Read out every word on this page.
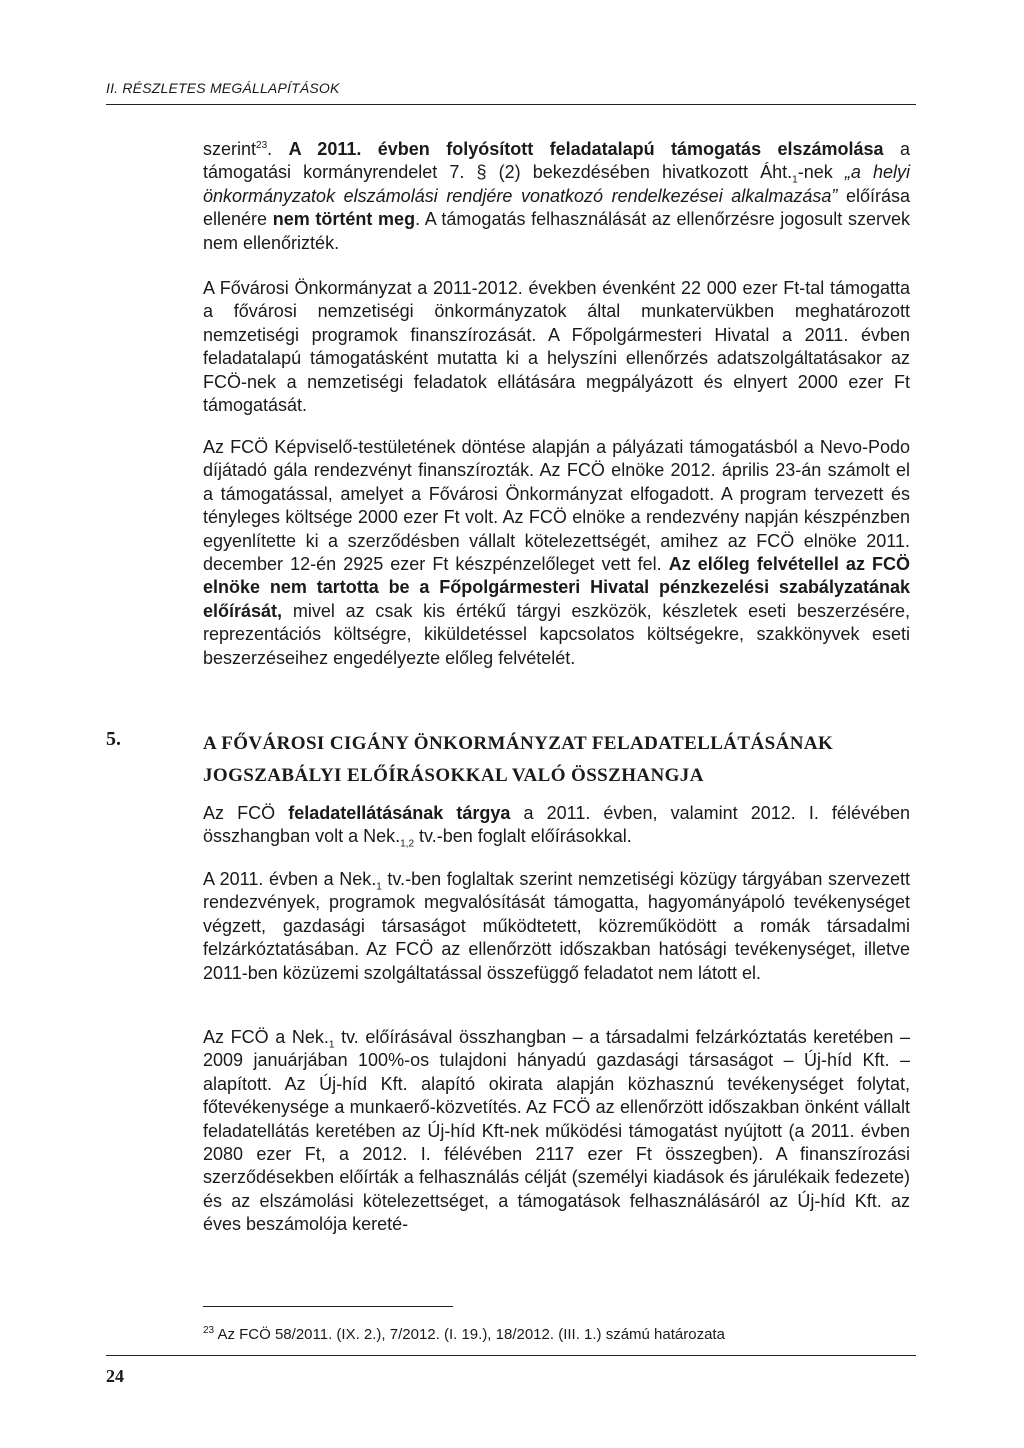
II. RÉSZLETES MEGÁLLAPÍTÁSOK

szerint$^{23}$. A 2011. évben folyósított feladatalapú támogatás elszámolása a támogatási kormányrendelet 7. § (2) bekezdésében hivatkozott $Áht._1$-nek „a helyi önkormányzatok elszámolási rendjére vonatkozó rendelkezései alkalmazása” előírása ellenére nem történt meg. A támogatás felhasználását az ellenőrzésre jogosult szervek nem ellenőrizték.

A Fővárosi Önkormányzat a 2011-2012. években évenként 22 000 ezer Ft-tal támogatta a fővárosi nemzetiségi önkormányzatok által munkatervükben meghatározott nemzetiségi programok finanszírozását. A Főpolgármesteri Hivatal a 2011. évben feladatalapú támogatásként mutatta ki a helyszíni ellenőrzés adatszolgáltatásakor az FCÖ-nek a nemzetiségi feladatok ellátására megpályázott és elnyert 2000 ezer Ft támogatását.

Az FCÖ Képviselő-testületének döntése alapján a pályázati támogatásból a Nevo-Podo díjátadó gála rendezvényt finanszírozták. Az FCÖ elnöke 2012. április 23-án számolt el a támogatással, amelyet a Fővárosi Önkormányzat elfogadott. A program tervezett és tényleges költsége 2000 ezer Ft volt. Az FCÖ elnöke a rendezvény napján készpénzben egyenlítette ki a szerződésben vállalt kötelezettségét, amihez az FCÖ elnöke 2011. december 12-én 2925 ezer Ft készpénzelőleget vett fel. Az előleg felvétellel az FCÖ elnöke nem tartotta be a Főpolgármesteri Hivatal pénzkezelési szabályzatának előírását, mivel az csak kis értékű tárgyi eszközök, készletek eseti beszerzésére, reprezentációs költségre, kiküldetéssel kapcsolatos költségekre, szakkönyvek eseti beszerzéseihez engedélyezte előleg felvételét.

5.	A FŐVÁROSI CIGÁNY ÖNKORMÁNYZAT FELADATELLÁTÁSÁNAK
JOGSZABÁLYI ELŐÍRÁSOKKAL VALÓ ÖSSZHANGJA

Az FCÖ feladatellátásának tárgya a 2011. évben, valamint 2012. I. félévében összhangban volt a $Nek._{1,2}$ tv.-ben foglalt előírásokkal.

A 2011. évben a $Nek._1$ tv.-ben foglaltak szerint nemzetiségi közügy tárgyában szervezett rendezvények, programok megvalósítását támogatta, hagyományápoló tevékenységet végzett, gazdasági társaságot működtetett, közreműködött a romák társadalmi felzárkóztatásában. Az FCÖ az ellenőrzött időszakban hatósági tevékenységet, illetve 2011-ben közüzemi szolgáltatással összefüggő feladatot nem látott el.

Az FCÖ a $Nek._1$ tv. előírásával összhangban – a társadalmi felzárkóztatás keretében –2009 januárjában 100%-os tulajdoni hányadú gazdasági társaságot – Új-híd Kft. – alapított. Az Új-híd Kft. alapító okirata alapján közhasznú tevékenységet folytat, főtevékenysége a munkaerő-közvetítés. Az FCÖ az ellenőrzött időszakban önként vállalt feladatellátás keretében az Új-híd Kft-nek működési támogatást nyújtott (a 2011. évben 2080 ezer Ft, a 2012. I. félévében 2117 ezer Ft összegben). A finanszírozási szerződésekben előírták a felhasználás célját (személyi kiadások és járulékaik fedezete) és az elszámolási kötelezettséget, a támogatások felhasználásáról az Új-híd Kft. az éves beszámolója kereté-

$^{23}$ Az FCÖ 58/2011. (IX. 2.), 7/2012. (I. 19.), 18/2012. (III. 1.) számú határozata
24
